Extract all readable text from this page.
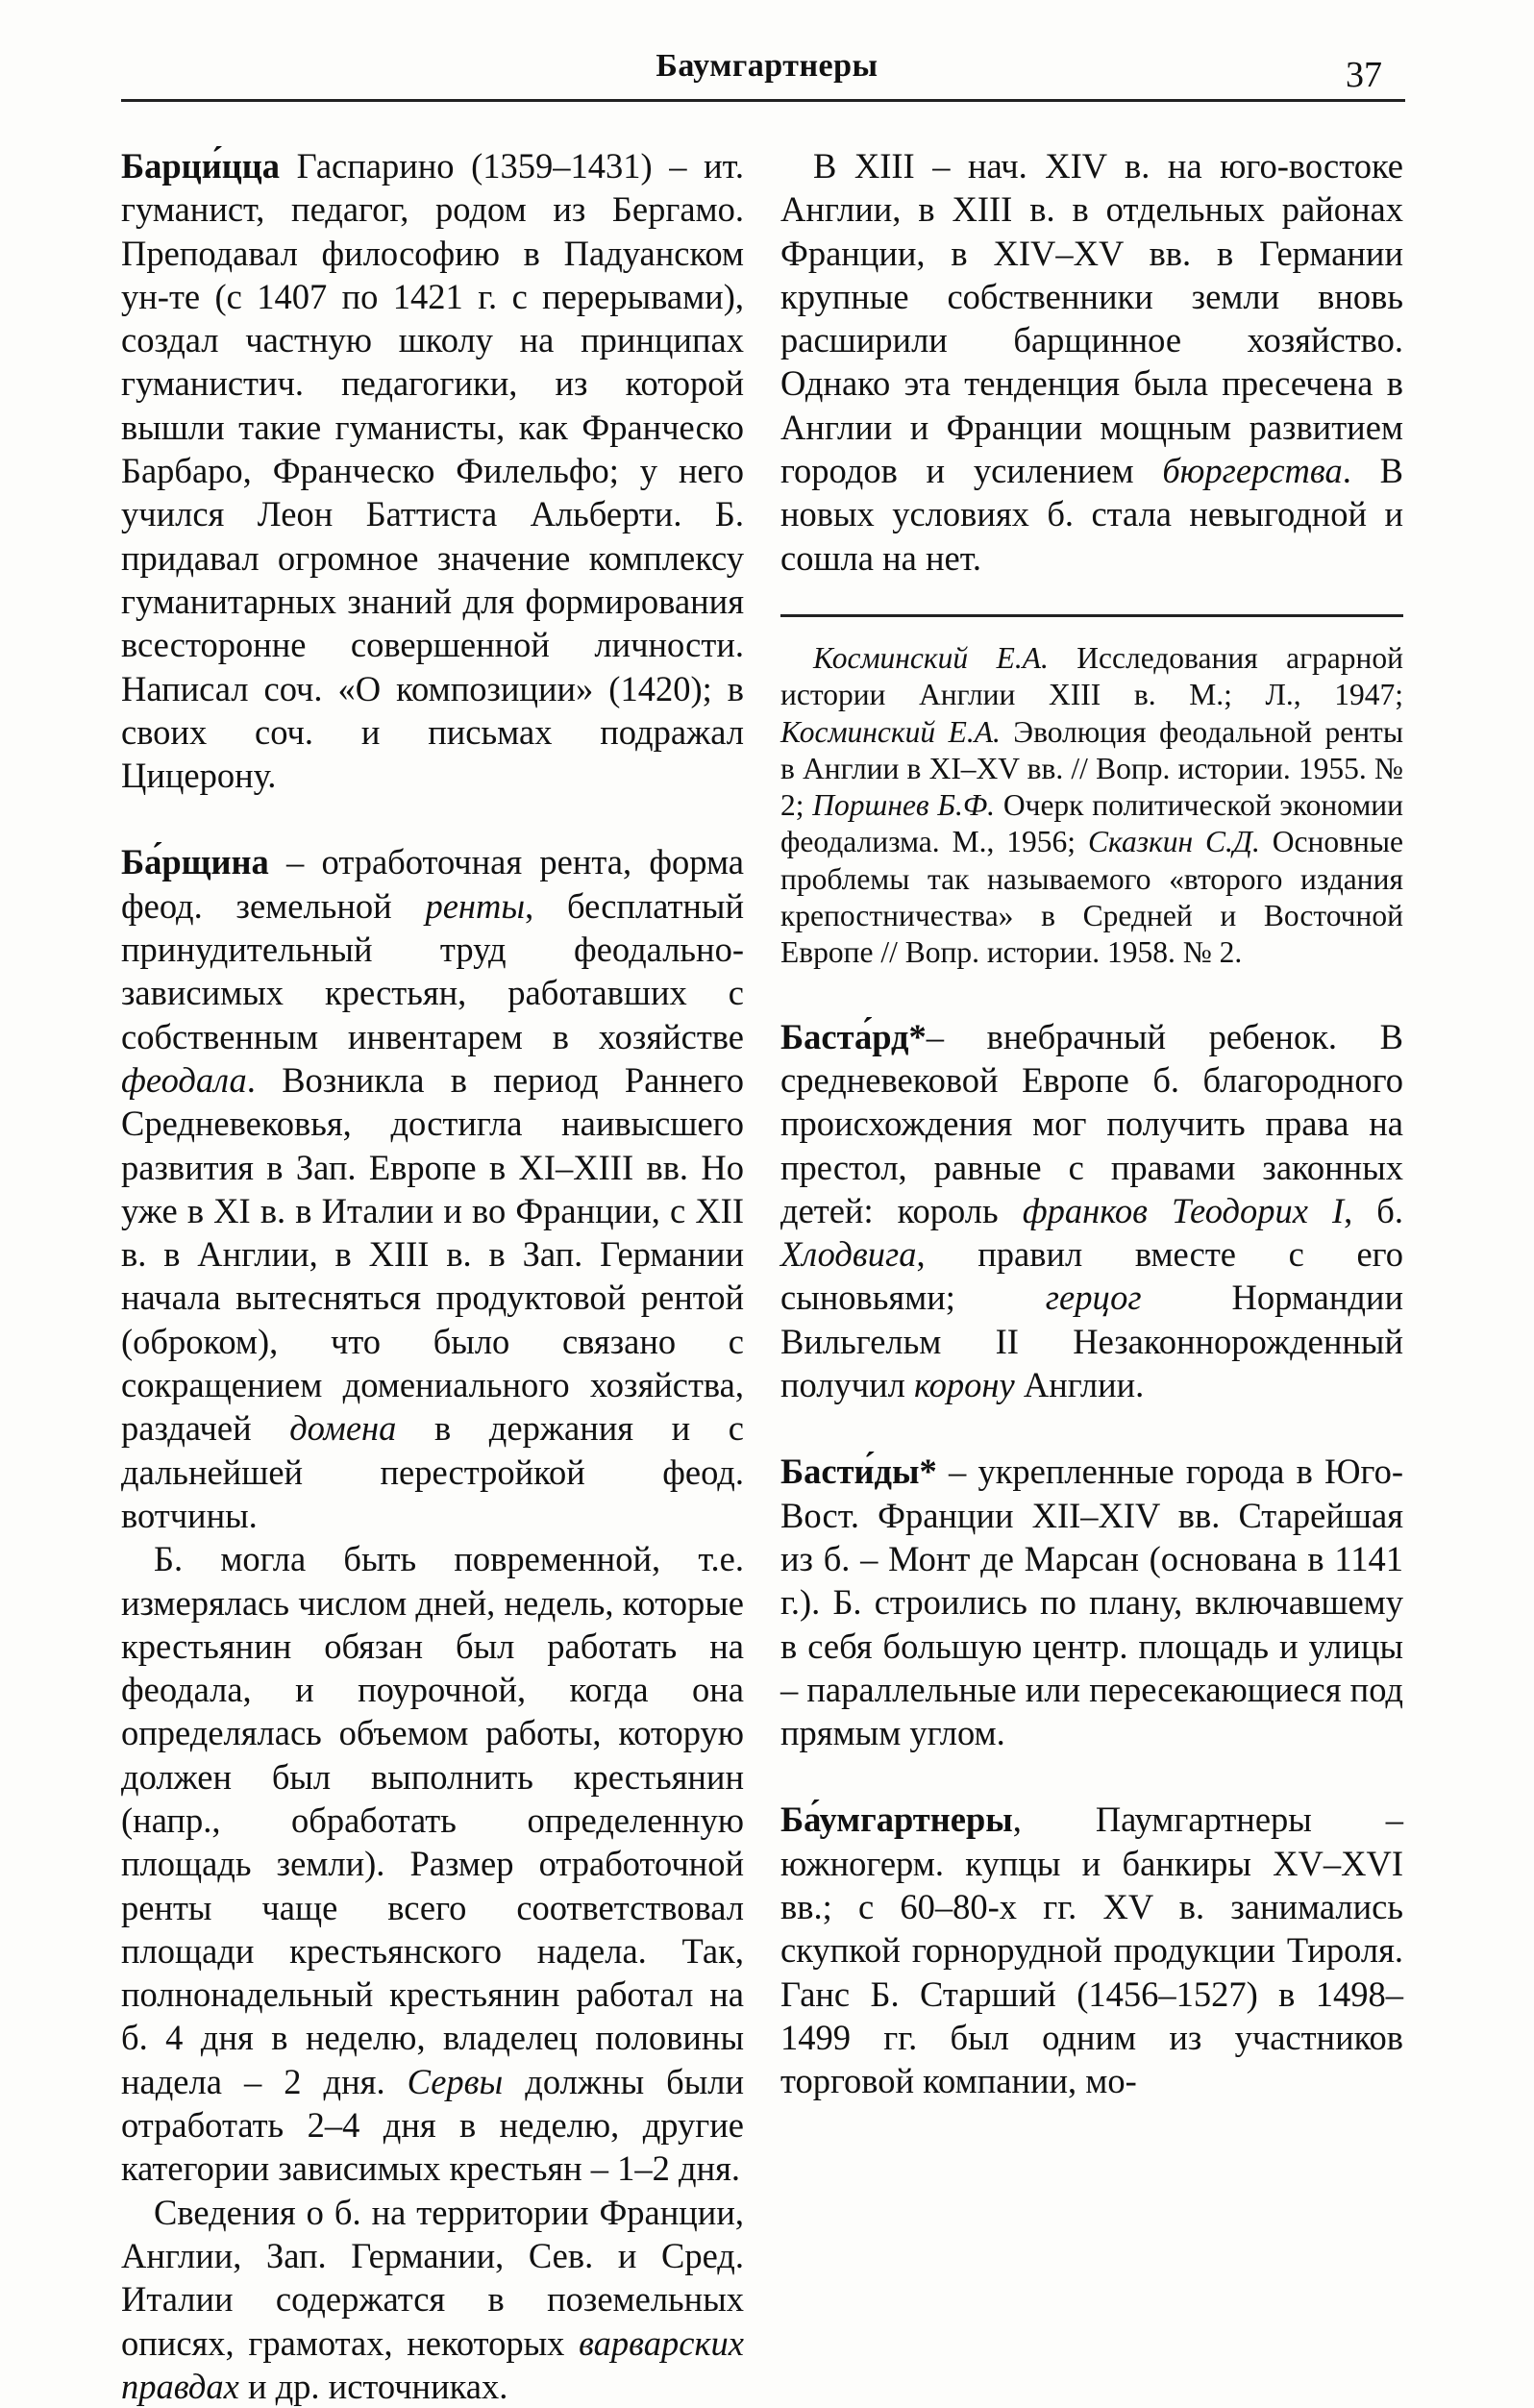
Баумгартнеры	37

Барци́цца Гаспарино (1359–1431) – ит. гуманист, педагог, родом из Бергамо. Преподавал философию в Падуанском ун-те (с 1407 по 1421 г. с перерывами), создал частную школу на принципах гуманистич. педагогики, из которой вышли такие гуманисты, как Франческо Барбаро, Франческо Филельфо; у него учился Леон Баттиста Альберти. Б. придавал огромное значение комплексу гуманитарных знаний для формирования всесторонне совершенной личности. Написал соч. «О композиции» (1420); в своих соч. и письмах подражал Цицерону.

Ба́рщина – отработочная рента, форма феод. земельной ренты, бесплатный принудительный труд феодально-зависимых крестьян, работавших с собственным инвентарем в хозяйстве феодала. Возникла в период Раннего Средневековья, достигла наивысшего развития в Зап. Европе в XI–XIII вв. Но уже в XI в. в Италии и во Франции, с XII в. в Англии, в XIII в. в Зап. Германии начала вытесняться продуктовой рентой (оброком), что было связано с сокращением домениального хозяйства, раздачей домена в держания и с дальнейшей перестройкой феод. вотчины.

Б. могла быть повременной, т.е. измерялась числом дней, недель, которые крестьянин обязан был работать на феодала, и поурочной, когда она определялась объемом работы, которую должен был выполнить крестьянин (напр., обработать определенную площадь земли). Размер отработочной ренты чаще всего соответствовал площади крестьянского надела. Так, полнонадельный крестьянин работал на б. 4 дня в неделю, владелец половины надела – 2 дня. Сервы должны были отработать 2–4 дня в неделю, другие категории зависимых крестьян – 1–2 дня.

Сведения о б. на территории Франции, Англии, Зап. Германии, Сев. и Сред. Италии содержатся в поземельных описях, грамотах, некоторых варварских правдах и др. источниках.

В XIII – нач. XIV в. на юго-востоке Англии, в XIII в. в отдельных районах Франции, в XIV–XV вв. в Германии крупные собственники земли вновь расширили барщинное хозяйство. Однако эта тенденция была пресечена в Англии и Франции мощным развитием городов и усилением бюргерства. В новых условиях б. стала невыгодной и сошла на нет.

Косминский Е.А. Исследования аграрной истории Англии XIII в. М.; Л., 1947; Косминский Е.А. Эволюция феодальной ренты в Англии в XI–XV вв. // Вопр. истории. 1955. № 2; Поршнев Б.Ф. Очерк политической экономии феодализма. М., 1956; Сказкин С.Д. Основные проблемы так называемого «второго издания крепостничества» в Средней и Восточной Европе // Вопр. истории. 1958. № 2.

Баста́рд*– внебрачный ребенок. В средневековой Европе б. благородного происхождения мог получить права на престол, равные с правами законных детей: король франков Теодорих I, б. Хлодвига, правил вместе с его сыновьями; герцог Нормандии Вильгельм II Незаконнорожденный получил корону Англии.

Басти́ды* – укрепленные города в Юго-Вост. Франции XII–XIV вв. Старейшая из б. – Монт де Марсан (основана в 1141 г.). Б. строились по плану, включавшему в себя большую центр. площадь и улицы – параллельные или пересекающиеся под прямым углом.

Ба́умгартнеры, Паумгартнеры – южногерм. купцы и банкиры XV–XVI вв.; с 60–80-х гг. XV в. занимались скупкой горнорудной продукции Тироля. Ганс Б. Старший (1456–1527) в 1498–1499 гг. был одним из участников торговой компании, мо-
